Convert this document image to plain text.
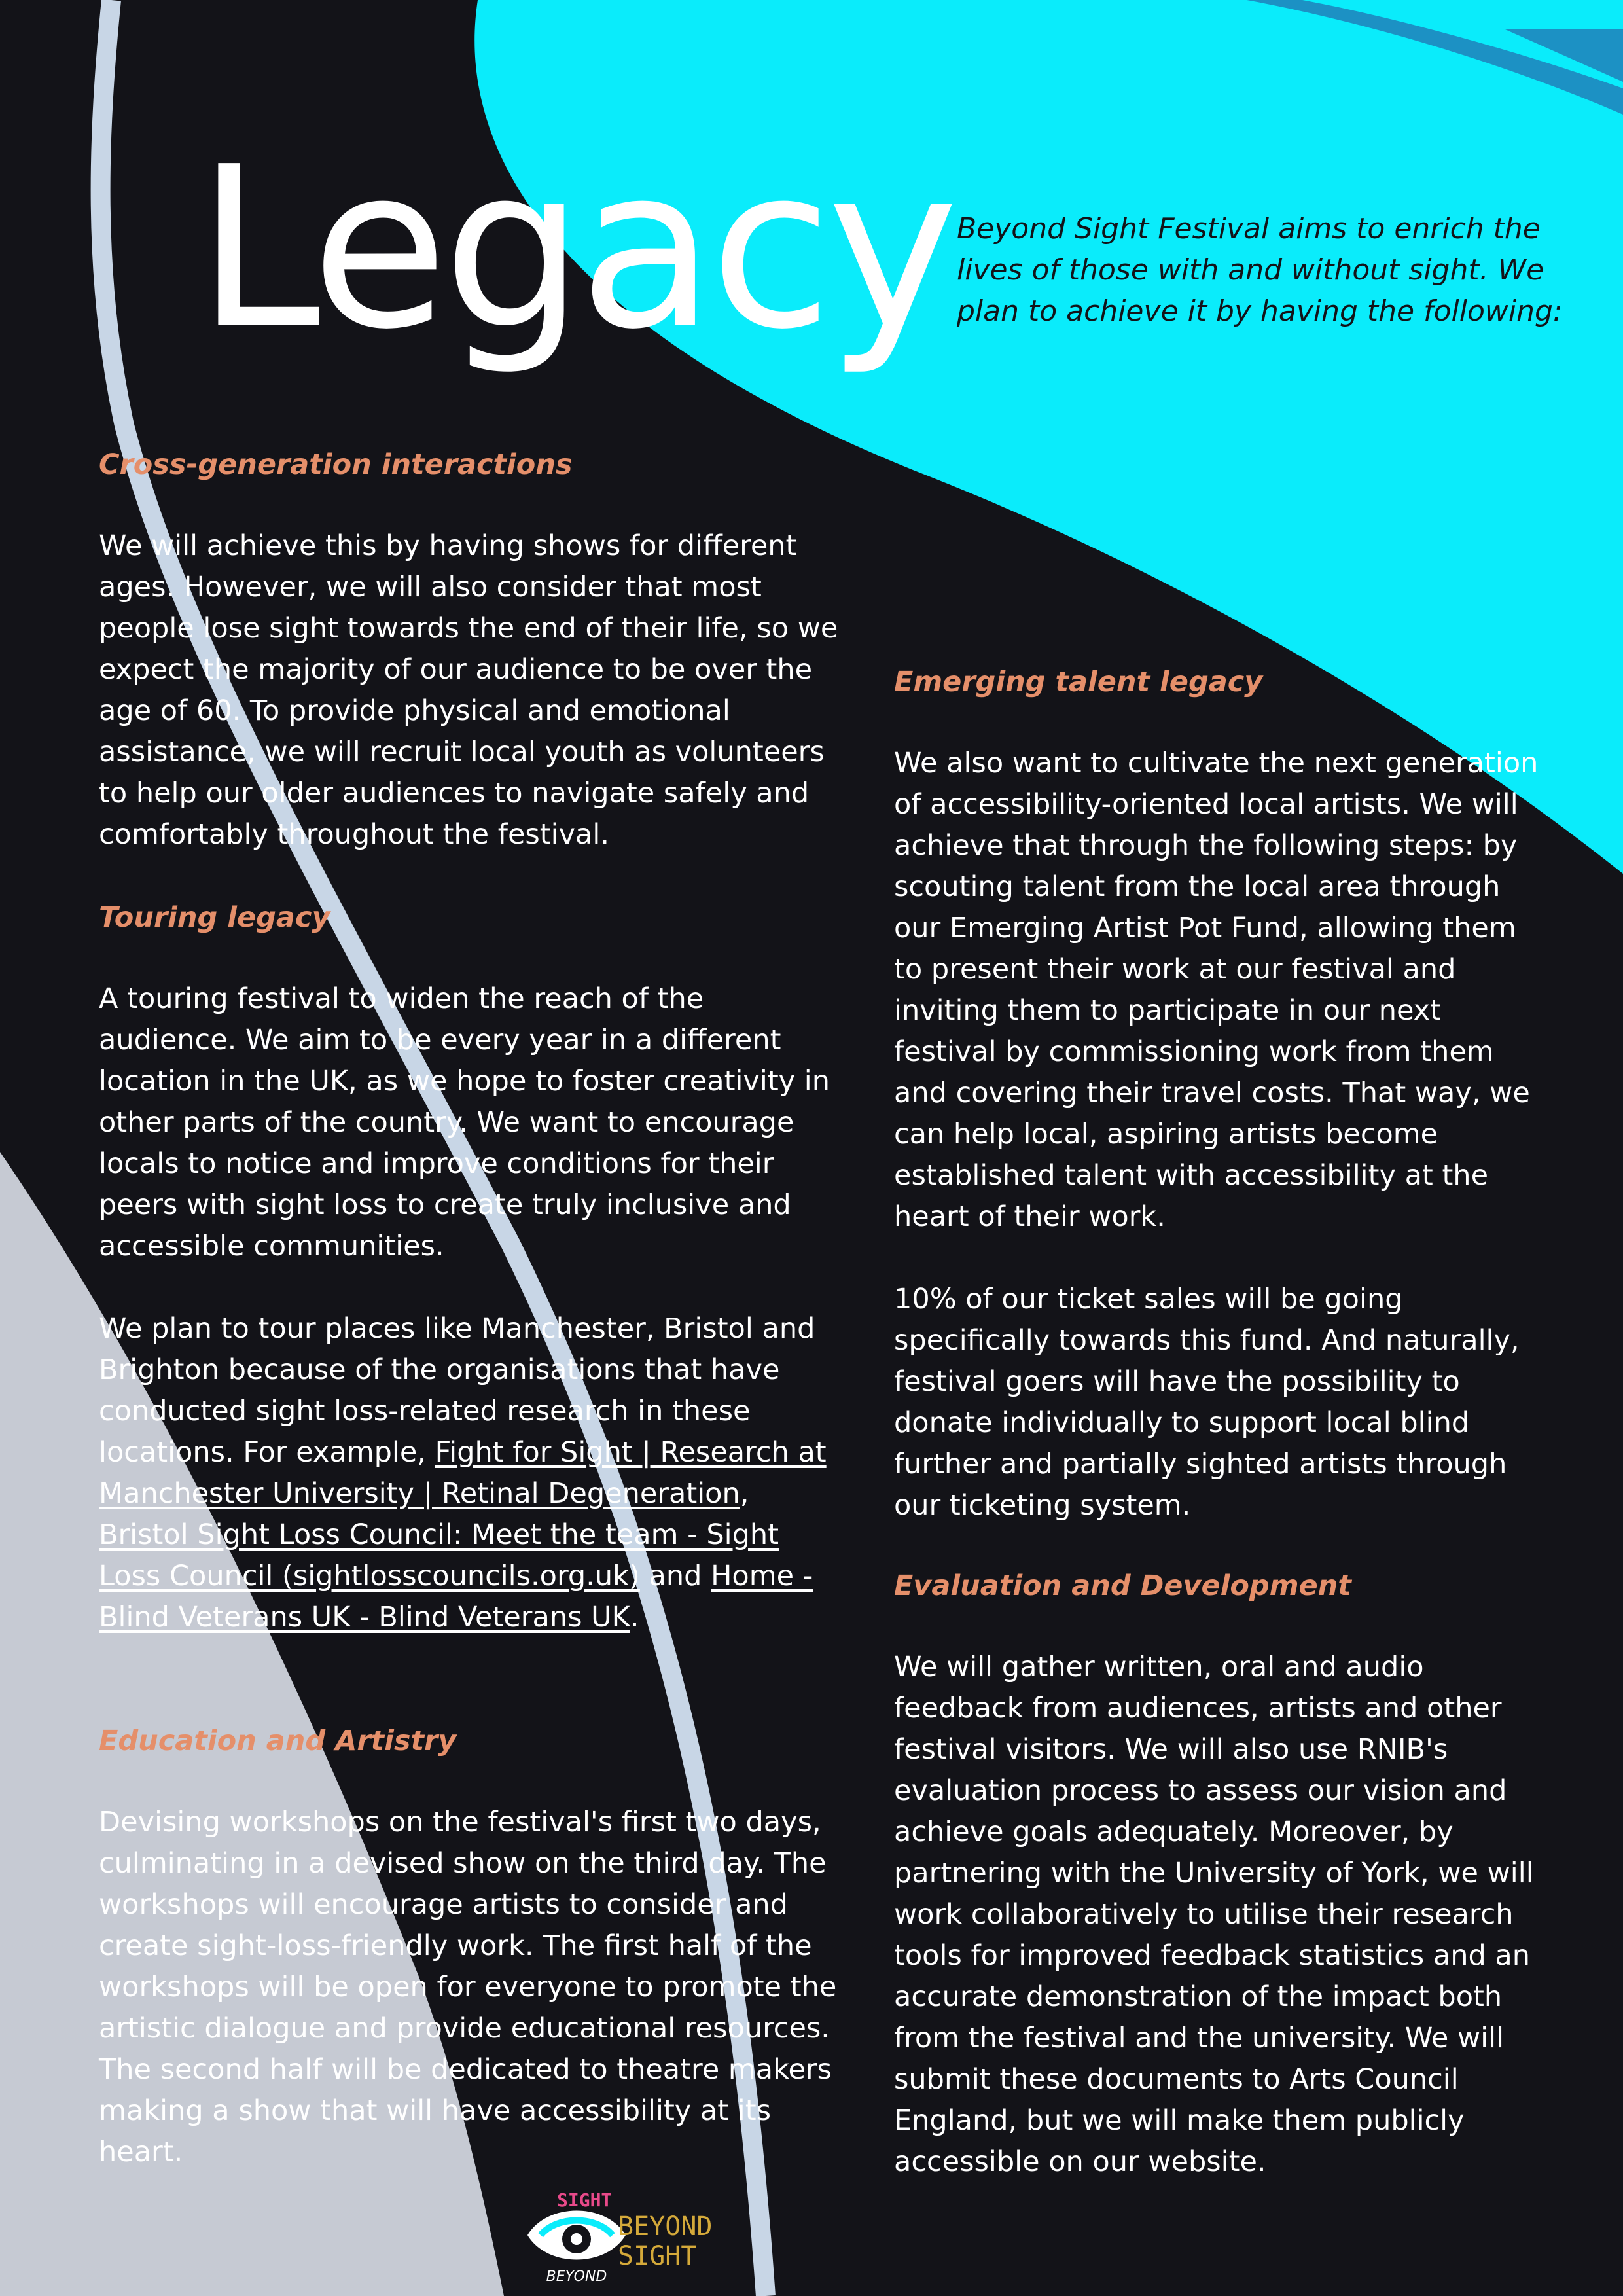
Legacy Beyond Sight Festival aims to enrich the lives of those with and without sight. We plan to achieve it by having the following:

Cross-generation interactions

We will achieve this by having shows for different ages. However, we will also consider that most people lose sight towards the end of their life, so we expect the majority of our audience to be over the age of 60. To provide physical and emotional assistance, we will recruit local youth as volunteers to help our older audiences to navigate safely and comfortably throughout the festival.

Touring legacy

A touring festival to widen the reach of the audience. We aim to be every year in a different location in the UK, as we hope to foster creativity in other parts of the country. We want to encourage locals to notice and improve conditions for their peers with sight loss to create truly inclusive and accessible communities.

We plan to tour places like Manchester, Bristol and Brighton because of the organisations that have conducted sight loss-related research in these locations. For example, Fight for Sight | Research at Manchester University | Retinal Degeneration, Bristol Sight Loss Council: Meet the team - Sight Loss Council (sightlosscouncils.org.uk) and Home - Blind Veterans UK - Blind Veterans UK.

Education and Artistry

Devising workshops on the festival's first two days, culminating in a devised show on the third day. The workshops will encourage artists to consider and create sight-loss-friendly work. The first half of the workshops will be open for everyone to promote the artistic dialogue and provide educational resources. The second half will be dedicated to theatre makers making a show that will have accessibility at its heart.

Emerging talent legacy

We also want to cultivate the next generation of accessibility-oriented local artists. We will achieve that through the following steps: by scouting talent from the local area through our Emerging Artist Pot Fund, allowing them to present their work at our festival and inviting them to participate in our next festival by commissioning work from them and covering their travel costs. That way, we can help local, aspiring artists become established talent with accessibility at the heart of their work.

10% of our ticket sales will be going specifically towards this fund. And naturally, festival goers will have the possibility to donate individually to support local blind further and partially sighted artists through our ticketing system.

Evaluation and Development

We will gather written, oral and audio feedback from audiences, artists and other festival visitors. We will also use RNIB's evaluation process to assess our vision and achieve goals adequately. Moreover, by partnering with the University of York, we will work collaboratively to utilise their research tools for improved feedback statistics and an accurate demonstration of the impact both from the festival and the university. We will submit these documents to Arts Council England, but we will make them publicly accessible on our website.

SIGHT
BEYOND
BEYOND
SIGHT
